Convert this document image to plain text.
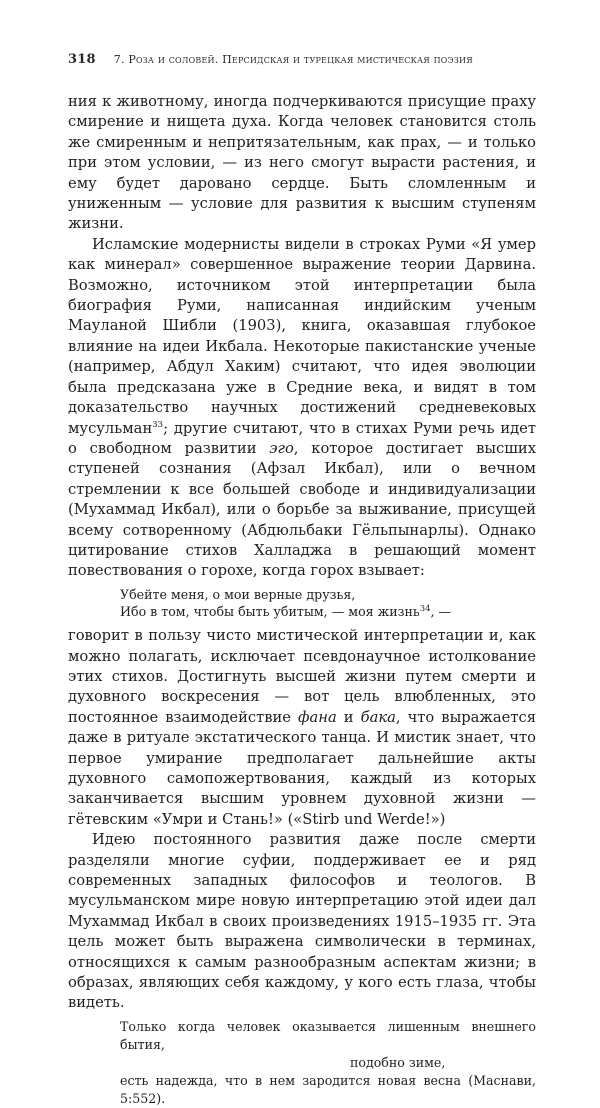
318 7. Роза и соловей. Персидская и турецкая мистическая поэзия

ния к животному, иногда подчеркиваются присущие праху смирение и нищета духа. Когда человек становится столь же смиренным и непритязательным, как прах, — и только при этом условии, — из него смогут вырасти растения, и ему будет даровано сердце. Быть сломленным и униженным — условие для развития к высшим ступеням жизни.

Исламские модернисты видели в строках Руми «Я умер как минерал» совершенное выражение теории Дарвина. Возможно, источником этой интерпретации была биография Руми, написанная индийским ученым Мауланой Шибли (1903), книга, оказавшая глубокое влияние на идеи Икбала. Некоторые пакистанские ученые (например, Абдул Хаким) считают, что идея эволюции была предсказана уже в Средние века, и видят в том доказательство научных достижений средневековых мусульман$^{33}$; другие считают, что в стихах Руми речь идет о свободном развитии эго, которое достигает высших ступеней сознания (Афзал Икбал), или о вечном стремлении к все большей свободе и индивидуализации (Мухаммад Икбал), или о борьбе за выживание, присущей всему сотворенному (Абдюльбаки Гёльпынарлы). Однако цитирование стихов Халладжа в решающий момент повествования о горохе, когда горох взывает:

Убейте меня, о мои верные друзья,
Ибо в том, чтобы быть убитым, — моя жизнь$^{34}$, —

говорит в пользу чисто мистической интерпретации и, как можно полагать, исключает псевдонаучное истолкование этих стихов. Достигнуть высшей жизни путем смерти и духовного воскресения — вот цель влюбленных, это постоянное взаимодействие фана и бака, что выражается даже в ритуале экстатического танца. И мистик знает, что первое умирание предполагает дальнейшие акты духовного самопожертвования, каждый из которых заканчивается высшим уровнем духовной жизни — гётевским «Умри и Стань!» («Stirb und Werde!»)

Идею постоянного развития даже после смерти разделяли многие суфии, поддерживает ее и ряд современных западных философов и теологов. В мусульманском мире новую интерпретацию этой идеи дал Мухаммад Икбал в своих произведениях 1915–1935 гг. Эта цель может быть выражена символически в терминах, относящихся к самым разнообразным аспектам жизни; в образах, являющих себя каждому, у кого есть глаза, чтобы видеть.

Только когда человек оказывается лишенным внешнего бытия,
подобно зиме,
есть надежда, что в нем зародится новая весна (Маснави, 5:552).
